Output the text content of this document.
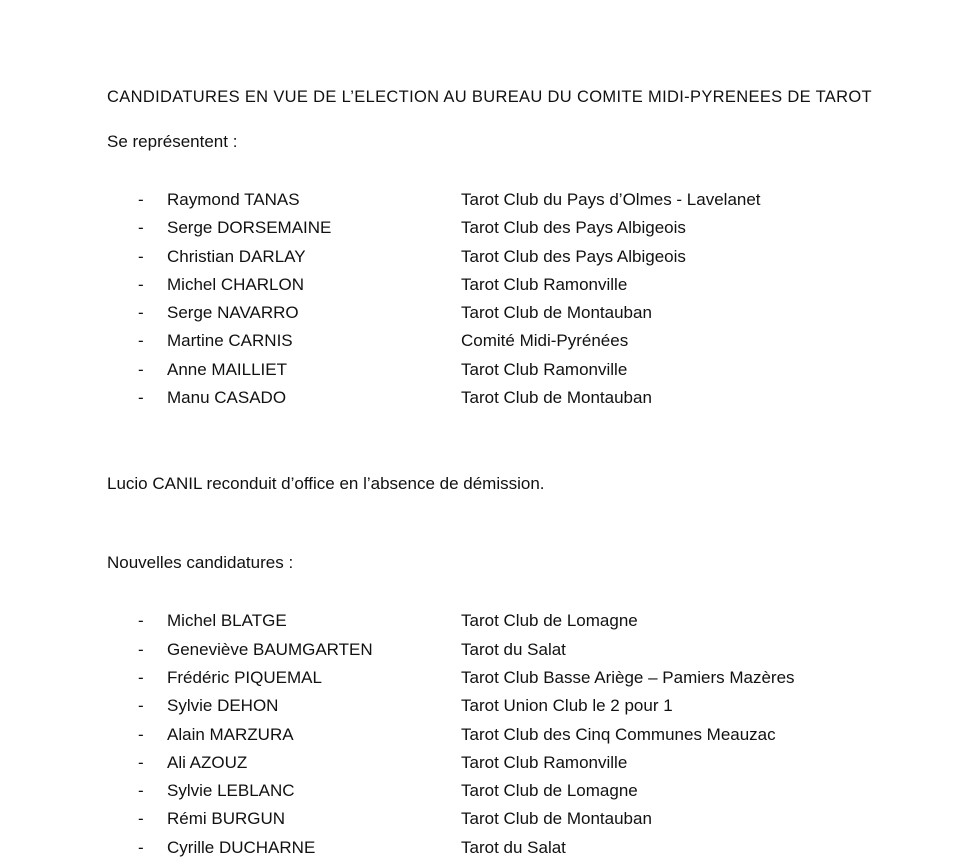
CANDIDATURES EN VUE DE L’ELECTION AU BUREAU DU COMITE MIDI-PYRENEES DE TAROT
Se représentent :
-	Raymond TANAS	Tarot Club du Pays d’Olmes - Lavelanet
-	Serge DORSEMAINE	Tarot Club des Pays Albigeois
-	Christian DARLAY	Tarot Club des Pays Albigeois
-	Michel CHARLON	Tarot Club Ramonville
-	Serge NAVARRO	Tarot Club de Montauban
-	Martine CARNIS	Comité Midi-Pyrénées
-	Anne MAILLIET	Tarot Club Ramonville
-	Manu CASADO	Tarot Club de Montauban
Lucio CANIL reconduit d’office en l’absence de démission.
Nouvelles candidatures :
-	Michel BLATGE	Tarot Club de Lomagne
-	Geneviève BAUMGARTEN	Tarot du Salat
-	Frédéric PIQUEMAL	Tarot Club Basse Ariège – Pamiers Mazères
-	Sylvie DEHON	Tarot Union Club le 2 pour 1
-	Alain MARZURA	Tarot Club des Cinq Communes Meauzac
-	Ali AZOUZ	Tarot Club Ramonville
-	Sylvie LEBLANC	Tarot Club de Lomagne
-	Rémi BURGUN	Tarot Club de Montauban
-	Cyrille DUCHARNE	Tarot du Salat
